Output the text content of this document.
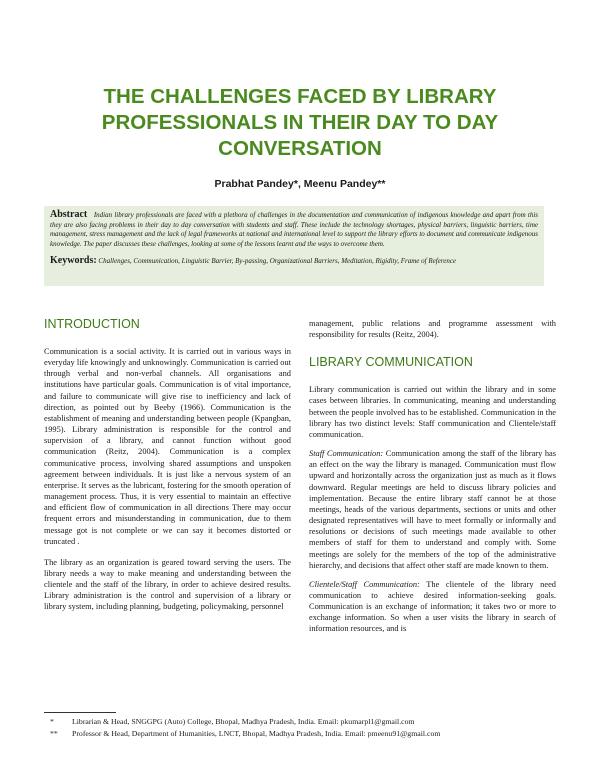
THE CHALLENGES FACED BY LIBRARY PROFESSIONALS IN THEIR DAY TO DAY CONVERSATION
Prabhat Pandey*, Meenu Pandey**

Abstract Indian library professionals are faced with a plethora of challenges in the documentation and communication of indigenous knowledge and apart from this they are also facing problems in their day to day conversation with students and staff. These include the technology shortages, physical barriers, linguistic barriers, time management, stress management and the lack of legal frameworks at national and international level to support the library efforts to document and communicate indigenous knowledge. The paper discusses these challenges, looking at some of the lessons learnt and the ways to overcome them.

Keywords: Challenges, Communication, Linguistic Barrier, By-passing, Organizational Barriers, Meditation, Rigidity, Frame of Reference

INTRODUCTION

Communication is a social activity. It is carried out in various ways in everyday life knowingly and unknowingly. Communication is carried out through verbal and non-verbal channels. All organisations and institutions have particular goals. Communication is of vital importance, and failure to communicate will give rise to inefficiency and lack of direction, as pointed out by Beeby (1966). Communication is the establishment of meaning and understanding between people (Kpangban, 1995). Library administration is responsible for the control and supervision of a library, and cannot function without good communication (Reitz, 2004). Communication is a complex communicative process, involving shared assumptions and unspoken agreement between individuals. It is just like a nervous system of an enterprise. It serves as the lubricant, fostering for the smooth operation of management process. Thus, it is very essential to maintain an effective and efficient flow of communication in all directions There may occur frequent errors and misunderstanding in communication, due to them message got is not complete or we can say it becomes distorted or truncated .

The library as an organization is geared toward serving the users. The library needs a way to make meaning and understanding between the clientele and the staff of the library, in order to achieve desired results. Library administration is the control and supervision of a library or library system, including planning, budgeting, policymaking, personnel

management, public relations and programme assessment with responsibility for results (Reitz, 2004).

LIBRARY COMMUNICATION

Library communication is carried out within the library and in some cases between libraries. In communicating, meaning and understanding between the people involved has to be established. Communication in the library has two distinct levels: Staff communication and Clientele/staff communication.

Staff Communication: Communication among the staff of the library has an effect on the way the library is managed. Communication must flow upward and horizontally across the organization just as much as it flows downward. Regular meetings are held to discuss library policies and implementation. Because the entire library staff cannot be at those meetings, heads of the various departments, sections or units and other designated representatives will have to meet formally or informally and resolutions or decisions of such meetings made available to other members of staff for them to understand and comply with. Some meetings are solely for the members of the top of the administrative hierarchy, and decisions that affect other staff are made known to them.

Clientele/Staff Communication: The clientele of the library need communication to achieve desired information-seeking goals. Communication is an exchange of information; it takes two or more to exchange information. So when a user visits the library in search of information resources, and is

* Librarian & Head, SNGGPG (Auto) College, Bhopal, Madhya Pradesh, India. Email: pkumarpl1@gmail.com
** Professor & Head, Department of Humanities, LNCT, Bhopal, Madhya Pradesh, India. Email: pmeenu91@gmail.com
